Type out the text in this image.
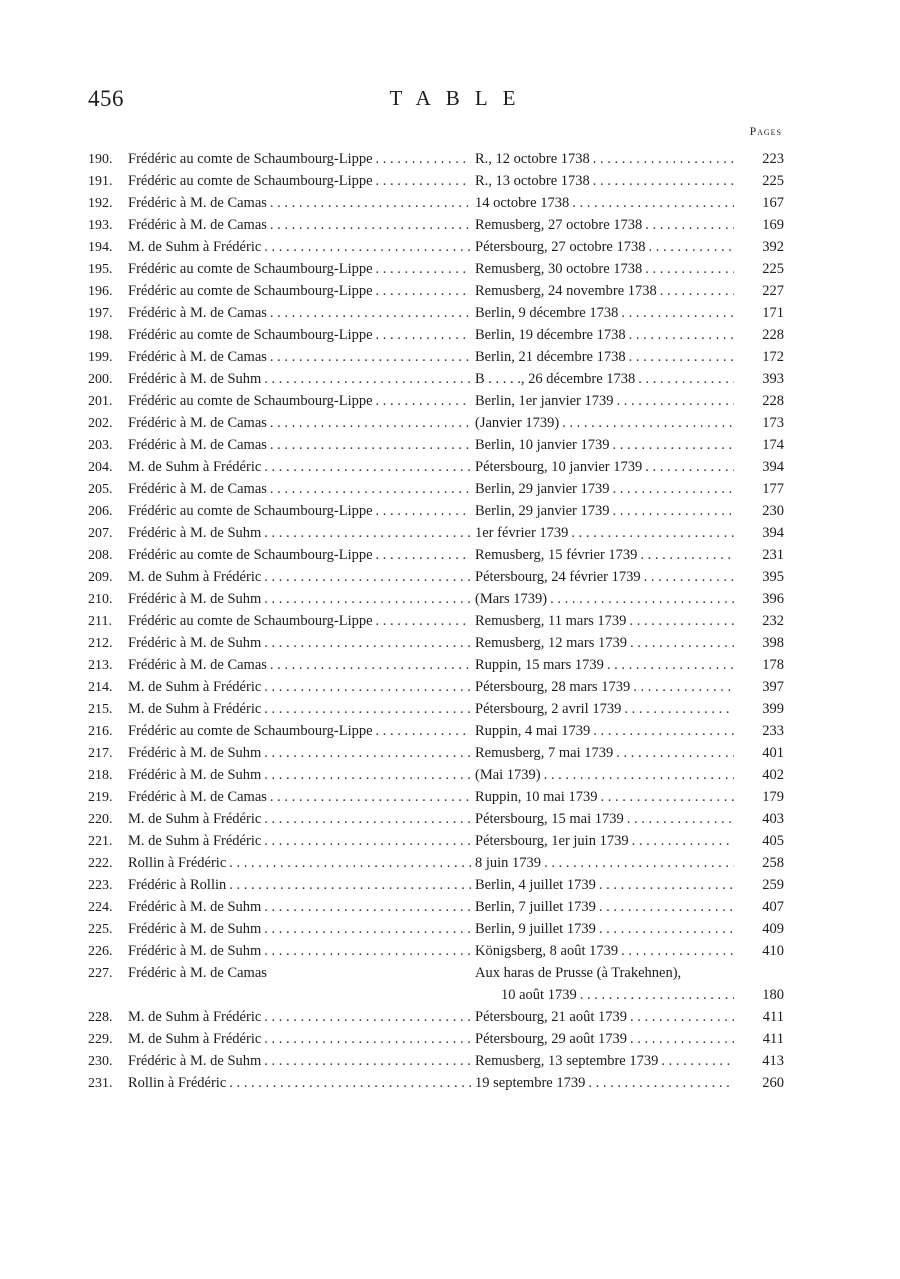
456	TABLE
Pages
190.	Frédéric au comte de Schaumbourg-Lippe . . .	R., 12 octobre 1738 . . .	223
191.	Frédéric au comte de Schaumbourg-Lippe . . .	R., 13 octobre 1738 . . .	225
192.	Frédéric à M. de Camas . . .	14 octobre 1738 . . .	167
193.	Frédéric à M. de Camas . . .	Remusberg, 27 octobre 1738 . . .	169
194.	M. de Suhm à Frédéric . . .	Pétersbourg, 27 octobre 1738 . . .	392
195.	Frédéric au comte de Schaumbourg-Lippe . . .	Remusberg, 30 octobre 1738 . . .	225
196.	Frédéric au comte de Schaumbourg-Lippe . . .	Remusberg, 24 novembre 1738 . . .	227
197.	Frédéric à M. de Camas . . .	Berlin, 9 décembre 1738 . . .	171
198.	Frédéric au comte de Schaumbourg-Lippe . . .	Berlin, 19 décembre 1738 . . .	228
199.	Frédéric à M. de Camas . . .	Berlin, 21 décembre 1738 . . .	172
200.	Frédéric à M. de Suhm . . .	B . . . . ., 26 décembre 1738 . . .	393
201.	Frédéric au comte de Schaumbourg-Lippe . . .	Berlin, 1er janvier 1739 . . .	228
202.	Frédéric à M. de Camas . . .	(Janvier 1739) . . .	173
203.	Frédéric à M. de Camas . . .	Berlin, 10 janvier 1739 . . .	174
204.	M. de Suhm à Frédéric . . .	Pétersbourg, 10 janvier 1739 . . .	394
205.	Frédéric à M. de Camas . . .	Berlin, 29 janvier 1739 . . .	177
206.	Frédéric au comte de Schaumbourg-Lippe . . .	Berlin, 29 janvier 1739 . . .	230
207.	Frédéric à M. de Suhm . . .	1er février 1739 . . .	394
208.	Frédéric au comte de Schaumbourg-Lippe . . .	Remusberg, 15 février 1739 . . .	231
209.	M. de Suhm à Frédéric . . .	Pétersbourg, 24 février 1739 . . .	395
210.	Frédéric à M. de Suhm . . .	(Mars 1739) . . .	396
211.	Frédéric au comte de Schaumbourg-Lippe . . .	Remusberg, 11 mars 1739 . . .	232
212.	Frédéric à M. de Suhm . . .	Remusberg, 12 mars 1739 . . .	398
213.	Frédéric à M. de Camas . . .	Ruppin, 15 mars 1739 . . .	178
214.	M. de Suhm à Frédéric . . .	Pétersbourg, 28 mars 1739 . . .	397
215.	M. de Suhm à Frédéric . . .	Pétersbourg, 2 avril 1739 . . .	399
216.	Frédéric au comte de Schaumbourg-Lippe . . .	Ruppin, 4 mai 1739 . . .	233
217.	Frédéric à M. de Suhm . . .	Remusberg, 7 mai 1739 . . .	401
218.	Frédéric à M. de Suhm . . .	(Mai 1739) . . .	402
219.	Frédéric à M. de Camas . . .	Ruppin, 10 mai 1739 . . .	179
220.	M. de Suhm à Frédéric . . .	Pétersbourg, 15 mai 1739 . . .	403
221.	M. de Suhm à Frédéric . . .	Pétersbourg, 1er juin 1739 . . .	405
222.	Rollin à Frédéric . . .	8 juin 1739 . . .	258
223.	Frédéric à Rollin . . .	Berlin, 4 juillet 1739 . . .	259
224.	Frédéric à M. de Suhm . . .	Berlin, 7 juillet 1739 . . .	407
225.	Frédéric à M. de Suhm . . .	Berlin, 9 juillet 1739 . . .	409
226.	Frédéric à M. de Suhm . . .	Königsberg, 8 août 1739 . . .	410
227.	Frédéric à M. de Camas	Aux haras de Prusse (à Trakehnen),
10 août 1739 . . .	180
228.	M. de Suhm à Frédéric . . .	Pétersbourg, 21 août 1739 . . .	411
229.	M. de Suhm à Frédéric . . .	Pétersbourg, 29 août 1739 . . .	411
230.	Frédéric à M. de Suhm . . .	Remusberg, 13 septembre 1739 . . .	413
231.	Rollin à Frédéric . . .	19 septembre 1739 . . .	260
